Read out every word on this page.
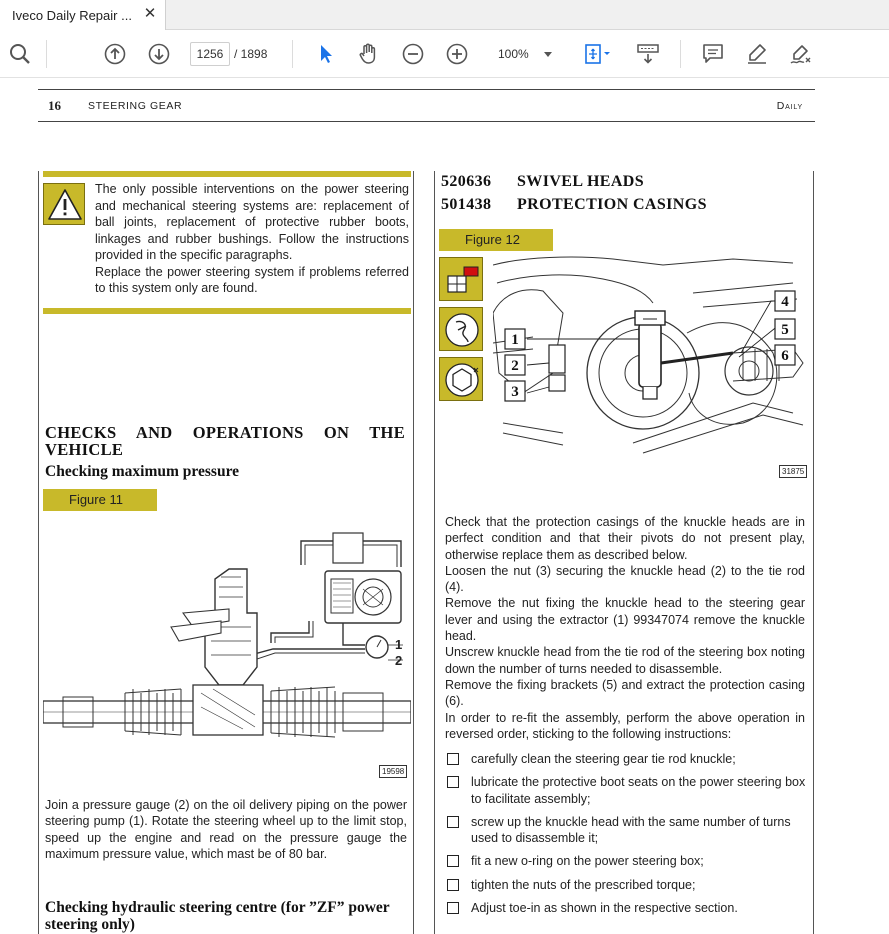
Iveco Daily Repair ... ✕
1256 / 1898	100%
16	STEERING GEAR	Daily

The only possible interventions on the power steering and mechanical steering systems are: replacement of ball joints, replacement of protective rubber boots, linkages and rubber bushings. Follow the instructions provided in the specific paragraphs.

Replace the power steering system if problems referred to this system only are found.

CHECKS AND OPERATIONS ON THE VEHICLE
Checking maximum pressure
Figure 11
1
2
19598
Join a pressure gauge (2) on the oil delivery piping on the power steering pump (1). Rotate the steering wheel up to the limit stop, speed up the engine and read on the pressure gauge the maximum pressure value, which mast be of 80 bar.
Checking hydraulic steering centre (for ”ZF” power steering only)
520636 SWIVEL HEADS
501438 PROTECTION CASINGS
Figure 12
1
2
3
4
5
6
31875

Check that the protection casings of the knuckle heads are in perfect condition and that their pivots do not present play, otherwise replace them as described below.

Loosen the nut (3) securing the knuckle head (2) to the tie rod (4).

Remove the nut fixing the knuckle head to the steering gear lever and using the extractor (1) 99347074 remove the knuckle head.

Unscrew knuckle head from the tie rod of the steering box noting down the number of turns needed to disassemble.

Remove the fixing brackets (5) and extract the protection casing (6).

In order to re-fit the assembly, perform the above operation in reversed order, sticking to the following instructions:

carefully clean the steering gear tie rod knuckle;
lubricate the protective boot seats on the power steering box to facilitate assembly;
screw up the knuckle head with the same number of turns used to disassemble it;
fit a new o-ring on the power steering box;
tighten the nuts of the prescribed torque;
Adjust toe-in as shown in the respective section.
